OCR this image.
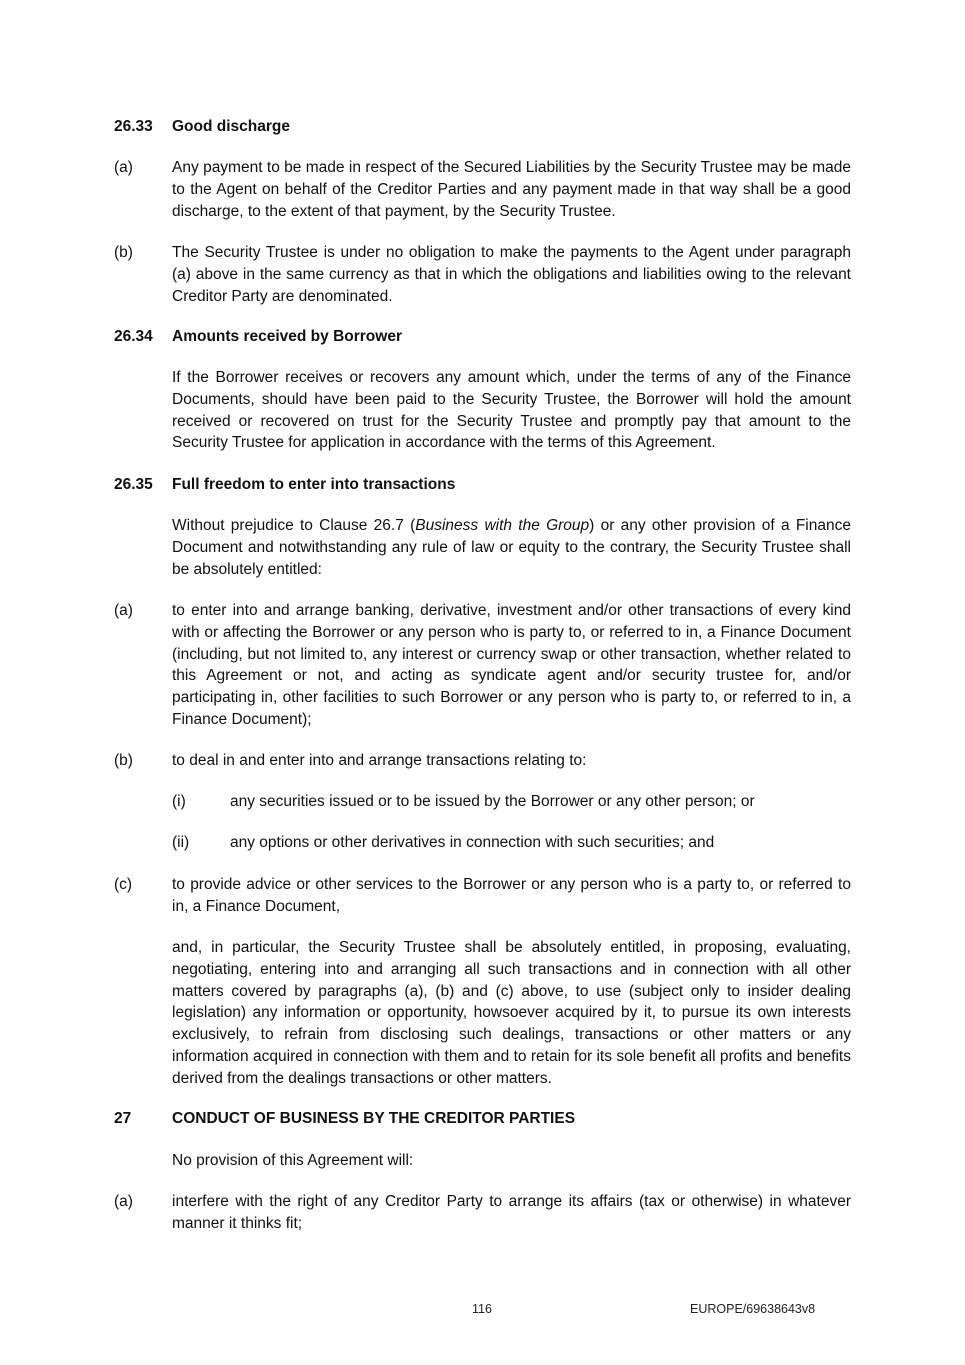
26.33 Good discharge
(a)	Any payment to be made in respect of the Secured Liabilities by the Security Trustee may be made to the Agent on behalf of the Creditor Parties and any payment made in that way shall be a good discharge, to the extent of that payment, by the Security Trustee.
(b)	The Security Trustee is under no obligation to make the payments to the Agent under paragraph (a) above in the same currency as that in which the obligations and liabilities owing to the relevant Creditor Party are denominated.
26.34 Amounts received by Borrower
If the Borrower receives or recovers any amount which, under the terms of any of the Finance Documents, should have been paid to the Security Trustee, the Borrower will hold the amount received or recovered on trust for the Security Trustee and promptly pay that amount to the Security Trustee for application in accordance with the terms of this Agreement.
26.35 Full freedom to enter into transactions
Without prejudice to Clause 26.7 (Business with the Group) or any other provision of a Finance Document and notwithstanding any rule of law or equity to the contrary, the Security Trustee shall be absolutely entitled:
(a)	to enter into and arrange banking, derivative, investment and/or other transactions of every kind with or affecting the Borrower or any person who is party to, or referred to in, a Finance Document (including, but not limited to, any interest or currency swap or other transaction, whether related to this Agreement or not, and acting as syndicate agent and/or security trustee for, and/or participating in, other facilities to such Borrower or any person who is party to, or referred to in, a Finance Document);
(b)	to deal in and enter into and arrange transactions relating to:
(i)	any securities issued or to be issued by the Borrower or any other person; or
(ii)	any options or other derivatives in connection with such securities; and
(c)	to provide advice or other services to the Borrower or any person who is a party to, or referred to in, a Finance Document,
and, in particular, the Security Trustee shall be absolutely entitled, in proposing, evaluating, negotiating, entering into and arranging all such transactions and in connection with all other matters covered by paragraphs (a), (b) and (c) above, to use (subject only to insider dealing legislation) any information or opportunity, howsoever acquired by it, to pursue its own interests exclusively, to refrain from disclosing such dealings, transactions or other matters or any information acquired in connection with them and to retain for its sole benefit all profits and benefits derived from the dealings transactions or other matters.
27	CONDUCT OF BUSINESS BY THE CREDITOR PARTIES
No provision of this Agreement will:
(a)	interfere with the right of any Creditor Party to arrange its affairs (tax or otherwise) in whatever manner it thinks fit;
116	EUROPE/69638643v8
